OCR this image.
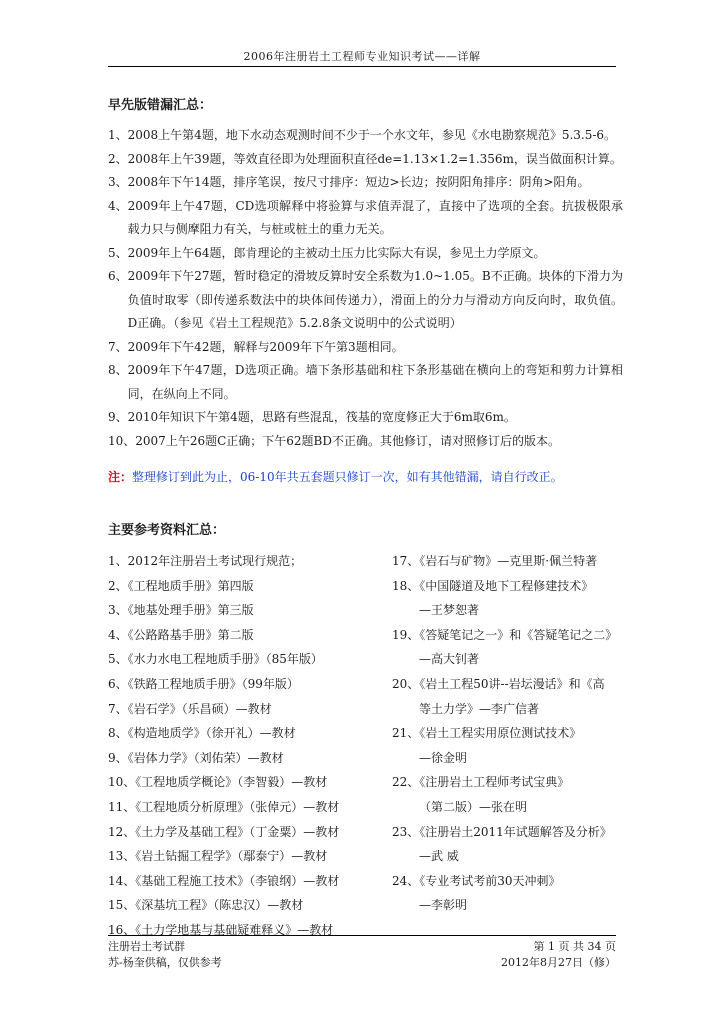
2006年注册岩土工程师专业知识考试——详解
早先版错漏汇总：
1、 2008上午第4题，地下水动态观测时间不少于一个水文年，参见《水电勘察规范》5.3.5-6。
2、 2008年上午39题，等效直径即为处理面积直径de=1.13×1.2=1.356m，误当做面积计算。
3、 2008年下午14题，排序笔误，按尺寸排序：短边>长边；按阴阳角排序：阴角>阳角。
4、 2009年上午47题，CD选项解释中将验算与求值弄混了，直接中了选项的全套。抗拔极限承载力只与侧摩阻力有关，与桩或桩土的重力无关。
5、 2009年上午64题，郎肯理论的主被动土压力比实际大有误，参见土力学原文。
6、 2009年下午27题，暂时稳定的滑坡反算时安全系数为1.0~1.05。B不正确。块体的下滑力为负值时取零（即传递系数法中的块体间传递力），滑面上的分力与滑动方向反向时，取负值。D正确。（参见《岩土工程规范》5.2.8条文说明中的公式说明）
7、 2009年下午42题，解释与2009年下午第3题相同。
8、 2009年下午47题，D选项正确。墙下条形基础和柱下条形基础在横向上的弯矩和剪力计算相同，在纵向上不同。
9、 2010年知识下午第4题，思路有些混乱，筏基的宽度修正大于6m取6m。
10、 2007上午26题C正确；下午62题BD不正确。其他修订，请对照修订后的版本。
注：整理修订到此为止，06-10年共五套题只修订一次，如有其他错漏，请自行改正。
主要参考资料汇总：
1、2012年注册岩土考试现行规范；
2、《工程地质手册》第四版
3、《地基处理手册》第三版
4、《公路路基手册》第二版
5、《水力水电工程地质手册》（85年版）
6、《铁路工程地质手册》（99年版）
7、《岩石学》（乐昌硕）—教材
8、《构造地质学》（徐开礼）—教材
9、《岩体力学》（刘佑荣）—教材
10、《工程地质学概论》（李智毅）—教材
11、《工程地质分析原理》（张倬元）—教材
12、《土力学及基础工程》（丁金粟）—教材
13、《岩土钻掘工程学》（鄢泰宁）—教材
14、《基础工程施工技术》（李锒纲）—教材
15、《深基坑工程》（陈忠汉）—教材
16、《土力学地基与基础疑难释义》—教材
17、《岩石与矿物》—克里斯·佩兰特著
18、《中国隧道及地下工程修建技术》
—王梦恕著
19、《答疑笔记之一》和《答疑笔记之二》
—高大钊著
20、《岩土工程50讲--岩坛漫话》和《高
等土力学》—李广信著
21、《岩土工程实用原位测试技术》
—徐金明
22、《注册岩土工程师考试宝典》
（第二版）—张在明
23、《注册岩土2011年试题解答及分析》
—武 威
24、《专业考试考前30天冲刺》
—李彰明
注册岩土考试群
苏-杨奎供稿，仅供参考
第 1 页 共 34 页
2012年8月27日（修）
